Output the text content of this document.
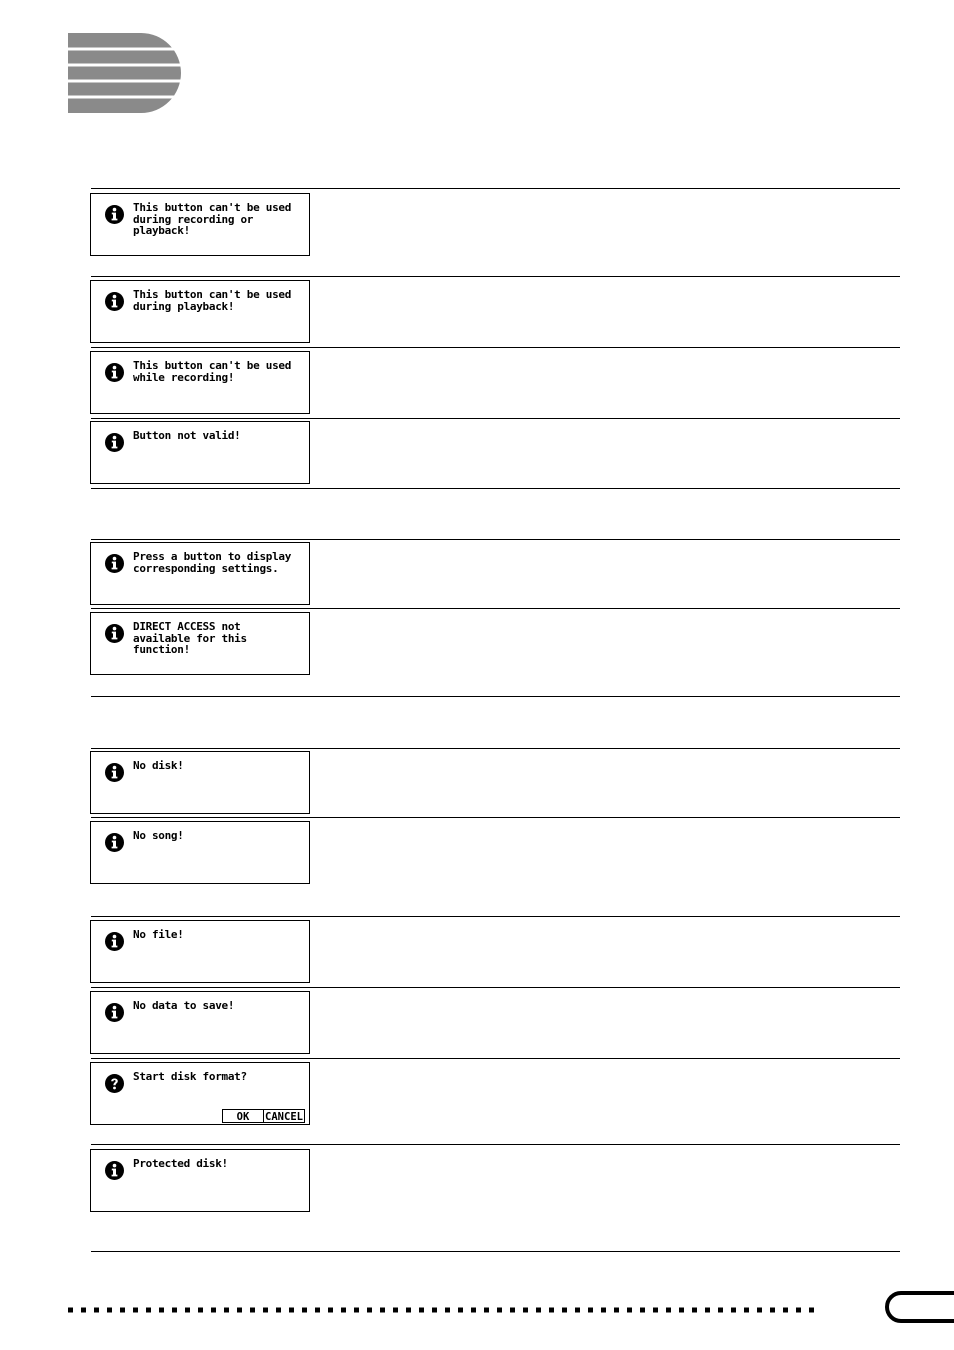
This button can't be used
during recording or
playback!
This button can't be used
during playback!
This button can't be used
while recording!
Button not valid!
Press a button to display
corresponding settings.
DIRECT ACCESS not
available for this function!
No disk!
No song!
No file!
No data to save!
Start disk format?
OK	CANCEL
Protected disk!
